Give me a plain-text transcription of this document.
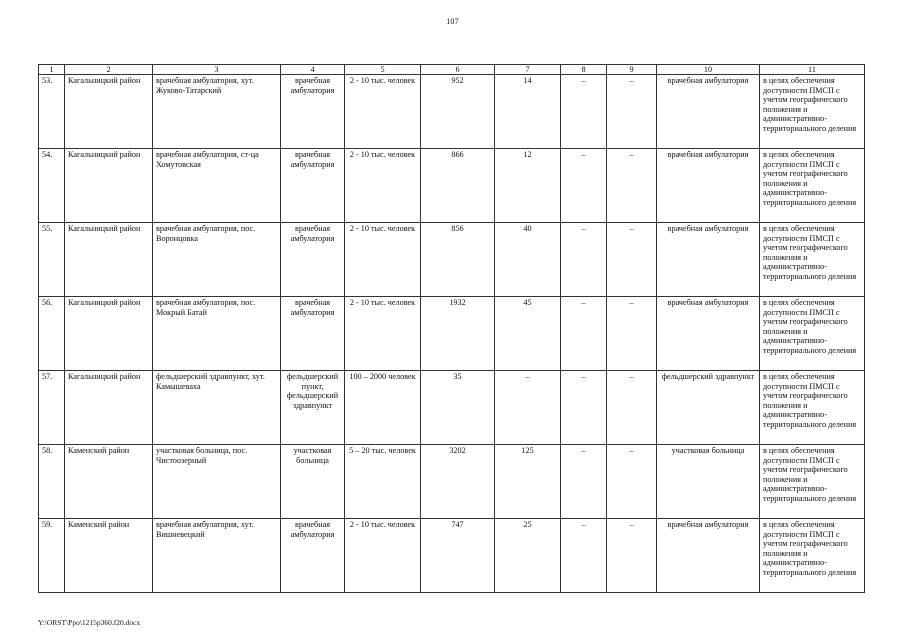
107
1	2	3	4	5	6	7	8	9	10	11
53.	Кагальницкий район	врачебная амбулатория, хут. Жуково-Татарский	врачебная амбулатория	2 - 10 тыс. человек	952	14	–	–	врачебная амбулатория	в целях обеспечения доступности ПМСП с учетом географического положения и административно-территориального деления
54.	Кагальницкий район	врачебная амбулатория, ст-ца Хомутовская	врачебная амбулатория	2 - 10 тыс. человек	866	12	–	–	врачебная амбулатория	в целях обеспечения доступности ПМСП с учетом географического положения и административно-территориального деления
55.	Кагальницкий район	врачебная амбулатория, пос. Воронцовка	врачебная амбулатория	2 - 10 тыс. человек	856	40	–	–	врачебная амбулатория	в целях обеспечения доступности ПМСП с учетом географического положения и административно-территориального деления
56.	Кагальницкий район	врачебная амбулатория, пос. Мокрый Батай	врачебная амбулатория	2 - 10 тыс. человек	1932	45	–	–	врачебная амбулатория	в целях обеспечения доступности ПМСП с учетом географического положения и административно-территориального деления
57.	Кагальницкий район	фельдшерский здравпункт, хут. Камышеваха	фельдшерский пункт, фельдшерский здравпункт	100 – 2000 человек	35	–	–	–	фельдшерский здравпункт	в целях обеспечения доступности ПМСП с учетом географического положения и административно-территориального деления
58.	Каменский район	участковая больница, пос. Чистоозерный	участковая больница	5 – 20 тыс. человек	3202	125	–	–	участковая больница	в целях обеспечения доступности ПМСП с учетом географического положения и административно-территориального деления
59.	Каменский район	врачебная амбулатория, хут. Вишневецкий	врачебная амбулатория	2 - 10 тыс. человек	747	25	–	–	врачебная амбулатория	в целях обеспечения доступности ПМСП с учетом географического положения и административно-территориального деления
Y:\ORST\Ppo\1215p360.f20.docx
